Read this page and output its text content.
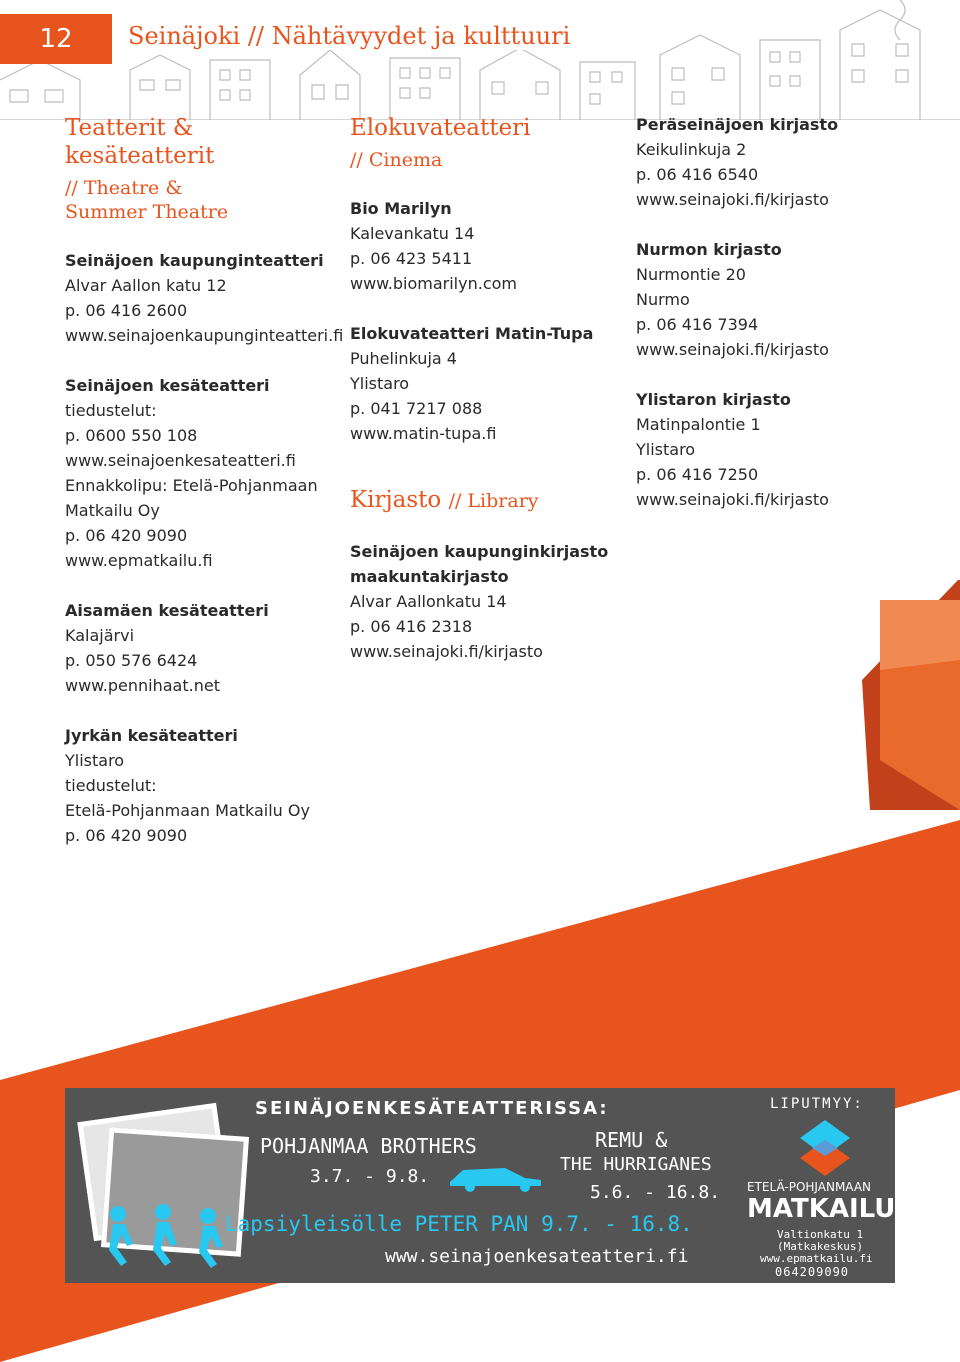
12	Seinäjoki // Nähtävyydet ja kulttuuri
Teatterit &
kesäteatterit
// Theatre &
Summer Theatre
Seinäjoen kaupunginteatteri
Alvar Aallon katu 12
p. 06 416 2600
www.seinajoenkaupunginteatteri.fi
Seinäjoen kesäteatteri
tiedustelut:
p. 0600 550 108
www.seinajoenkesateatteri.fi
Ennakkolipu: Etelä-Pohjanmaan
Matkailu Oy
p. 06 420 9090
www.epmatkailu.fi
Aisamäen kesäteatteri
Kalajärvi
p. 050 576 6424
www.pennihaat.net
Jyrkän kesäteatteri
Ylistaro
tiedustelut:
Etelä-Pohjanmaan Matkailu Oy
p. 06 420 9090
Elokuvateatteri
// Cinema
Bio Marilyn
Kalevankatu 14
p. 06 423 5411
www.biomarilyn.com
Elokuvateatteri Matin-Tupa
Puhelinkuja 4
Ylistaro
p. 041 7217 088
www.matin-tupa.fi
Kirjasto // Library
Seinäjoen kaupunginkirjasto
maakuntakirjasto
Alvar Aallonkatu 14
p. 06 416 2318
www.seinajoki.fi/kirjasto
Peräseinäjoen kirjasto
Keikulinkuja 2
p. 06 416 6540
www.seinajoki.fi/kirjasto
Nurmon kirjasto
Nurmontie 20
Nurmo
p. 06 416 7394
www.seinajoki.fi/kirjasto
Ylistaron kirjasto
Matinpalontie 1
Ylistaro
p. 06 416 7250
www.seinajoki.fi/kirjasto
SEINÄJOENKESÄTEATTERISSA:
POHJANMAA BROTHERS
3.7. - 9.8.
REMU &
THE HURRIGANES
5.6. - 16.8.
Lapsiyleisölle PETER PAN 9.7. - 16.8.
www.seinajoenkesateatteri.fi
LIPUTMYY:
ETELÄ-POHJANMAAN
MATKAILU
Valtionkatu 1
(Matkakeskus)
www.epmatkailu.fi
064209090
